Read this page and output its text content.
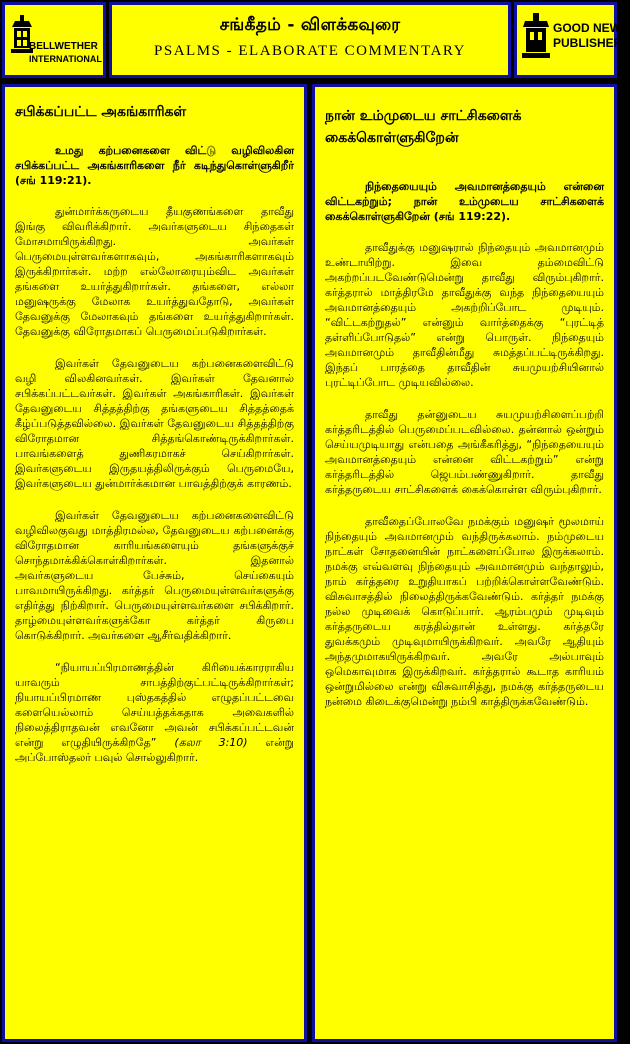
BELLWETHER
INTERNATIONAL
சங்கீதம் - விளக்கவுரை
PSALMS - ELABORATE COMMENTARY
GOOD NEWS
PUBLISHERS
சபிக்கப்பட்ட அகங்காரிகள்

உமது கற்பனைகளை விட்டு வழிவிலகின சபிக்கப்பட்ட அகங்காரிகளை நீர் கடிந்துகொள்ளுகிறீர் (சங் 119:21).

துன்மார்க்கருடைய தீயகுணங்களை தாவீது இங்கு விவரிக்கிறார். அவர்களுடைய சிந்தைகள் மோசமாயிருக்கிறது. அவர்கள் பெருமையுள்ளவர்களாகவும், அகங்காரிகளாகவும் இருக்கிறார்கள். மற்ற எல்லோரையும்விட அவர்கள் தங்களை உயர்த்துகிறார்கள். தங்களை, எல்லா மனுஷருக்கு மேலாக உயர்த்துவதோடு, அவர்கள் தேவனுக்கு மேலாகவும் தங்களை உயர்த்துகிறார்கள். தேவனுக்கு விரோதமாகப் பெருமைப்படுகிறார்கள்.

இவர்கள் தேவனுடைய கற்பனைகளைவிட்டு வழி விலகினவர்கள். இவர்கள் தேவனால் சபிக்கப்பட்டவர்கள். இவர்கள் அகங்காரிகள். இவர்கள் தேவனுடைய சித்தத்திற்கு தங்களுடைய சித்தத்தைக் கீழ்ப்படுத்தவில்லை. இவர்கள் தேவனுடைய சித்தத்திற்கு விரோதமான சித்தங்கொண்டிருக்கிறார்கள். பாவங்களைத் துணிகரமாகச் செய்கிறார்கள். இவர்களுடைய இருதயத்திலிருக்கும் பெருமையே, இவர்களுடைய துன்மார்க்கமான பாவத்திற்குக் காரணம்.

இவர்கள் தேவனுடைய கற்பனைகளைவிட்டு வழிவிலகுவது மாத்திரமல்ல, தேவனுடைய கற்பனைக்கு விரோதமான காரியங்களையும் தங்களுக்குச் சொந்தமாக்கிக்கொள்கிறார்கள். இதனால் அவர்களுடைய பேச்சும், செய்கையும் பாவமாயிருக்கிறது. கர்த்தர் பெருமையுள்ளவர்களுக்கு எதிர்த்து நிற்கிறார். பெருமையுள்ளவர்களை சபிக்கிறார். தாழ்மையுள்ளவர்களுக்கோ கர்த்தர் கிருபை கொடுக்கிறார். அவர்களை ஆசீர்வதிக்கிறார்.

“நியாயப்பிரமாணத்தின் கிரியைக்காரராகிய யாவரும் சாபத்திற்குட்பட்டிருக்கிறார்கள்; நியாயப்பிரமாண புஸ்தகத்தில் எழுதப்பட்டவை களையெல்லாம் செய்யத்தக்கதாக அவைகளில் நிலைத்திராதவன் எவனோ அவன் சபிக்கப்பட்டவன் என்று எழுதியிருக்கிறதே” (கலா 3:10) என்று அப்போஸ்தலர் பவுல் சொல்லுகிறார்.

நான் உம்முடைய சாட்சிகளைக் கைக்கொள்ளுகிறேன்

நிந்தையையும் அவமானத்தையும் என்னை விட்டகற்றும்; நான் உம்முடைய சாட்சிகளைக் கைக்கொள்ளுகிறேன் (சங் 119:22).

தாவீதுக்கு மனுஷரால் நிந்தையும் அவமானமும் உண்டாயிற்று. இவை தம்மைவிட்டு அகற்றப்படவேண்டுமென்று தாவீது விரும்புகிறார். கர்த்தரால் மாத்திரமே தாவீதுக்கு வந்த நிந்தையையும் அவமானத்தையும் அகற்றிப்போட முடியும். “விட்டகற்றுதல்” என்னும் வார்த்தைக்கு “புரட்டித் தள்ளிப்போடுதல்” என்று பொருள். நிந்தையும் அவமானமும் தாவீதின்மீது சுமத்தப்பட்டிருக்கிறது. இந்தப் பாரத்தை தாவீதின் சுயமுயற்சியினால் புரட்டிப்போட முடியவில்லை.

தாவீது தன்னுடைய சுயமுயற்சிளைப்பற்றி கர்த்தரிடத்தில் பெருமைப்படவில்லை. தன்னால் ஒன்றும் செய்யமுடியாது என்பதை அங்கீகரித்து, “நிந்தையையும் அவமானத்தையும் என்னை விட்டகற்றும்” என்று கர்த்தரிடத்தில் ஜெபம்பண்ணுகிறார். தாவீது கர்த்தருடைய சாட்சிகளைக் கைக்கொள்ள விரும்புகிறார்.

தாவீதைப்போலவே நமக்கும் மனுஷர் மூலமாய் நிந்தையும் அவமானமும் வந்திருக்கலாம். நம்முடைய நாட்கள் சோதனையின் நாட்களைப்போல இருக்கலாம். நமக்கு எவ்வளவு நிந்தையும் அவமானமும் வந்தாலும், நாம் கர்த்தரை உறுதியாகப் பற்றிக்கொள்ளவேண்டும். விசுவாசத்தில் நிலைத்திருக்கவேண்டும். கர்த்தர் நமக்கு நல்ல முடிவைக் கொடுப்பார். ஆரம்பமும் முடிவும் கர்த்தருடைய கரத்தில்தான் உள்ளது. கர்த்தரே துவக்கமும் முடிவுமாயிருக்கிறவர். அவரே ஆதியும் அந்தமுமாகயிருக்கிறவர். அவரே அல்பாவும் ஒமெகாவுமாக இருக்கிறவர். கர்த்தரால் கூடாத காரியம் ஒன்றுமில்லை என்று விசுவாசித்து, நமக்கு கர்த்தருடைய நன்மை கிடைக்குமென்று நம்பி காத்திருக்கவேண்டும்.
